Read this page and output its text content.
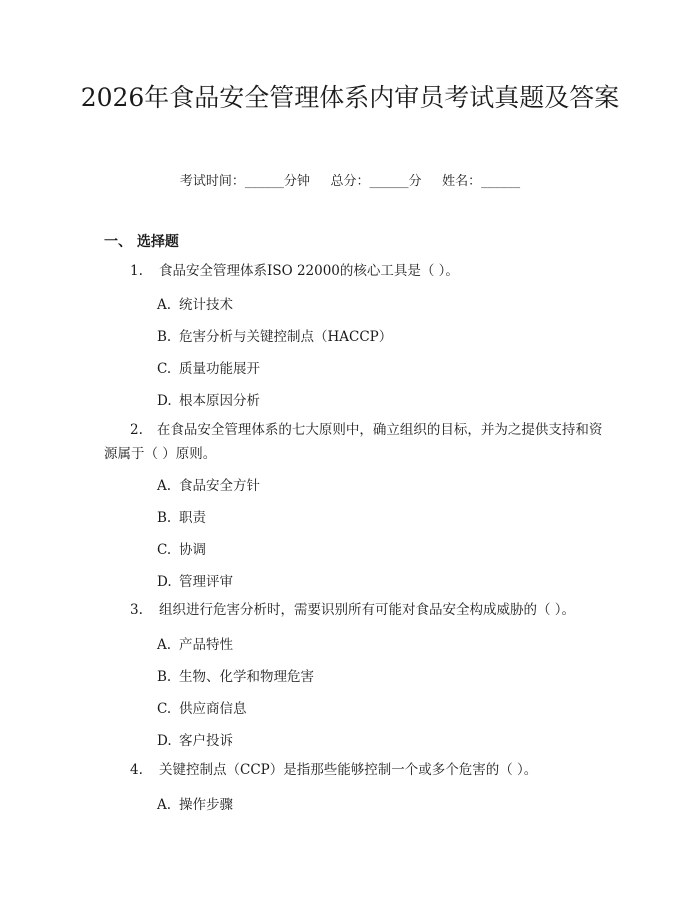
2026年食品安全管理体系内审员考试真题及答案
考试时间：______分钟     总分：______分     姓名：______
一、 选择题
1. 食品安全管理体系ISO 22000的核心工具是（ ）。
A. 统计技术
B. 危害分析与关键控制点（HACCP）
C. 质量功能展开
D. 根本原因分析
2. 在食品安全管理体系的七大原则中，确立组织的目标，并为之提供支持和资源属于（ ）原则。
A. 食品安全方针
B. 职责
C. 协调
D. 管理评审
3. 组织进行危害分析时，需要识别所有可能对食品安全构成威胁的（ ）。
A. 产品特性
B. 生物、化学和物理危害
C. 供应商信息
D. 客户投诉
4. 关键控制点（CCP）是指那些能够控制一个或多个危害的（ ）。
A. 操作步骤
